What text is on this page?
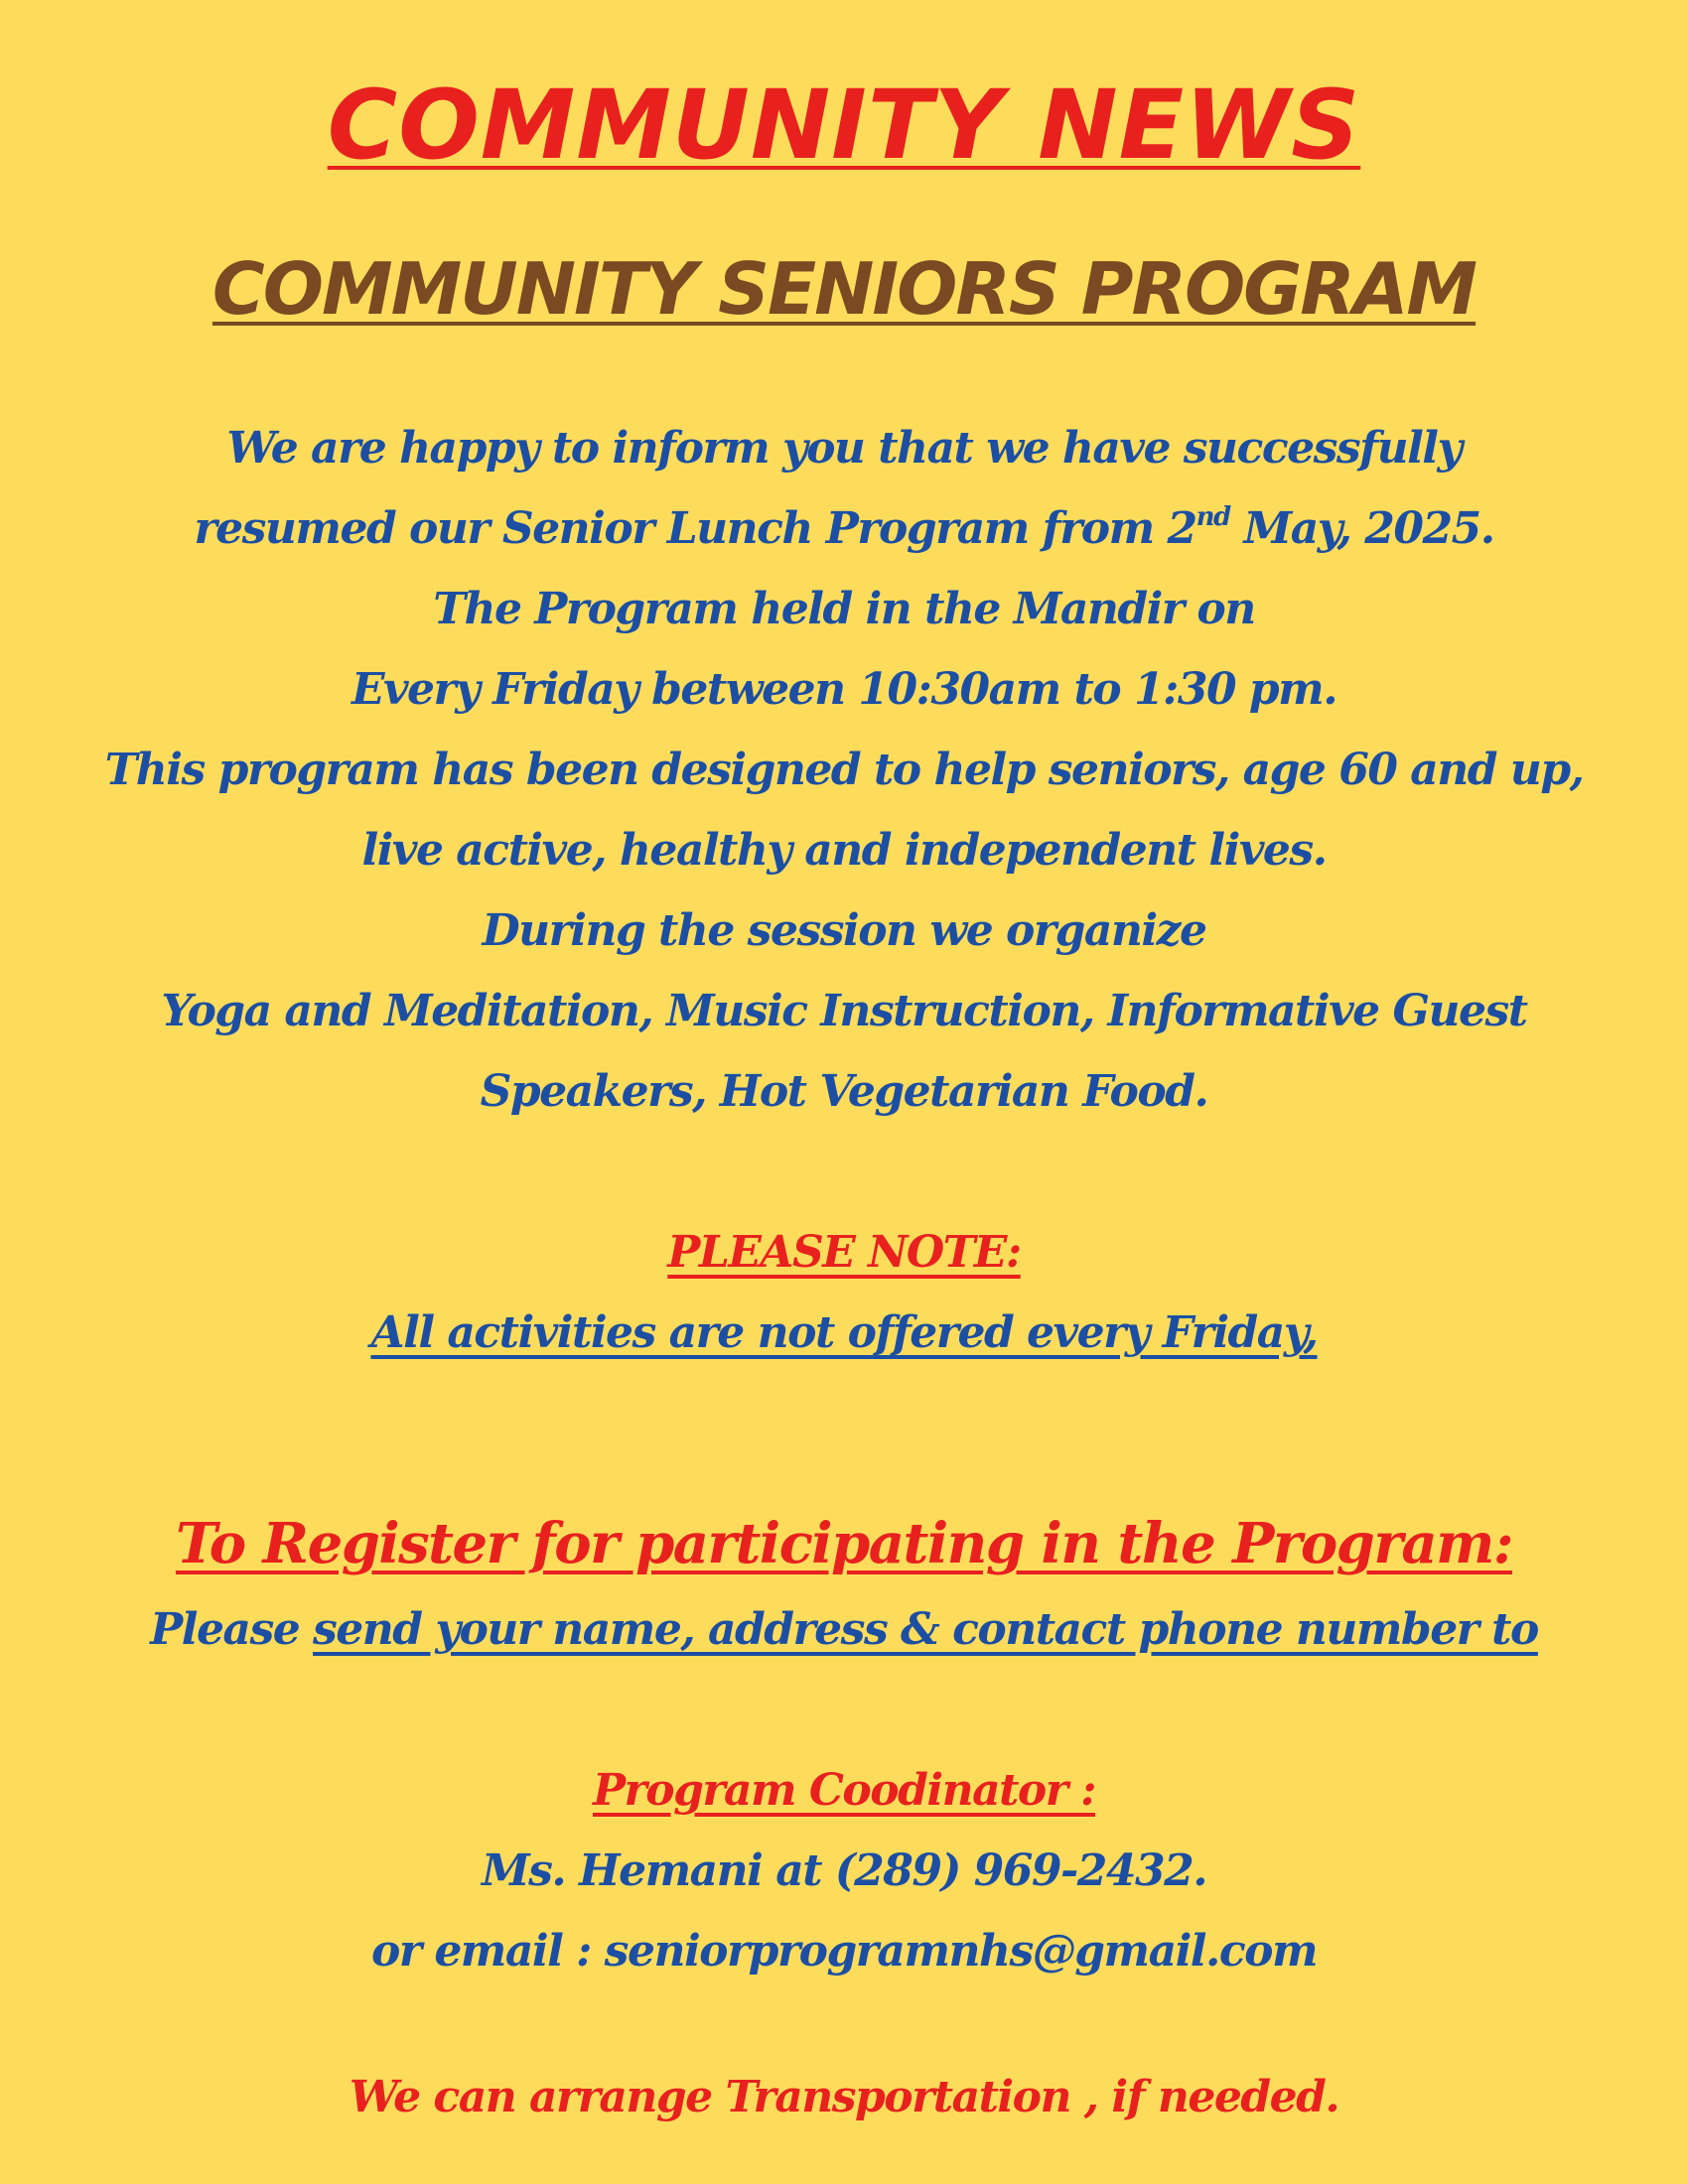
COMMUNITY NEWS
COMMUNITY SENIORS PROGRAM
We are happy to inform you that we have successfully
resumed our Senior Lunch Program from 2nd May, 2025.
The Program held in the Mandir on
Every Friday between 10:30am to 1:30 pm.
This program has been designed to help seniors, age 60 and up,
live active, healthy and independent lives.
During the session we organize
Yoga and Meditation, Music Instruction, Informative Guest
Speakers, Hot Vegetarian Food.
PLEASE NOTE:
All activities are not offered every Friday,
To Register for participating in the Program:
Please send your name, address & contact phone number to
Program Coodinator :
Ms. Hemani at (289) 969-2432.
or email : seniorprogramnhs@gmail.com
We can arrange Transportation , if needed.
